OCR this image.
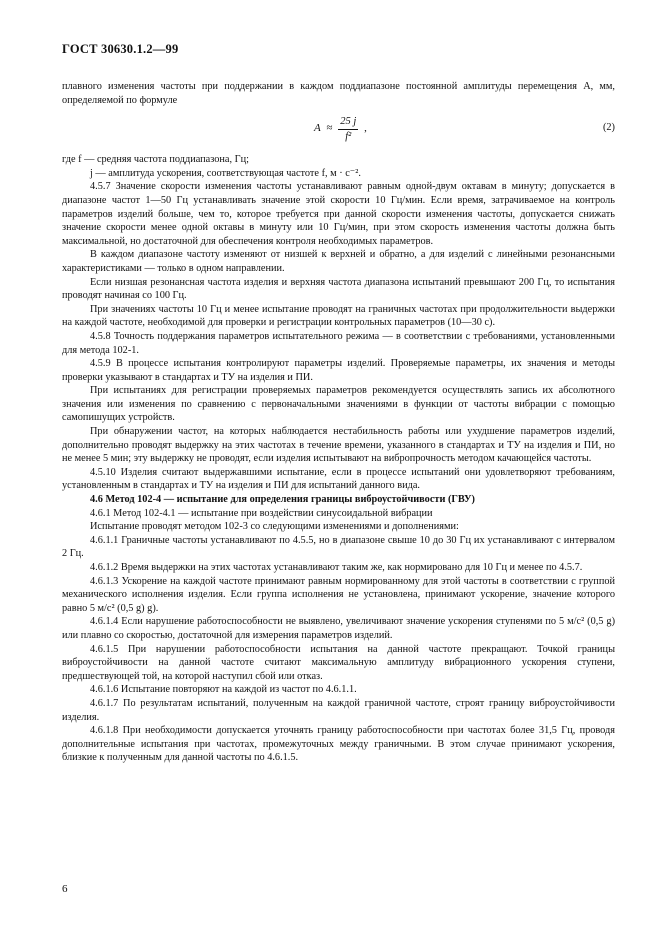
ГОСТ 30630.1.2—99

плавного изменения частоты при поддержании в каждом поддиапазоне постоянной амплитуды перемещения A, мм, определяемой по формуле

$A \approx \frac{25 j}{\text{f²}}$ ,	(2)

где f — средняя частота поддиапазона, Гц;

j — амплитуда ускорения, соответствующая частоте f, м · с⁻².

4.5.7 Значение скорости изменения частоты устанавливают равным одной-двум октавам в минуту; допускается в диапазоне частот 1—50 Гц устанавливать значение этой скорости 10 Гц/мин. Если время, затрачиваемое на контроль параметров изделий больше, чем то, которое требуется при данной скорости изменения частоты, допускается снижать значение скорости менее одной октавы в минуту или 10 Гц/мин, при этом скорость изменения частоты должна быть максимальной, но достаточной для обеспечения контроля необходимых параметров.

В каждом диапазоне частоту изменяют от низшей к верхней и обратно, а для изделий с линейными резонансными характеристиками — только в одном направлении.

Если низшая резонансная частота изделия и верхняя частота диапазона испытаний превышают 200 Гц, то испытания проводят начиная со 100 Гц.

При значениях частоты 10 Гц и менее испытание проводят на граничных частотах при продолжительности выдержки на каждой частоте, необходимой для проверки и регистрации контрольных параметров (10—30 с).

4.5.8 Точность поддержания параметров испытательного режима — в соответствии с требованиями, установленными для метода 102-1.

4.5.9 В процессе испытания контролируют параметры изделий. Проверяемые параметры, их значения и методы проверки указывают в стандартах и ТУ на изделия и ПИ.

При испытаниях для регистрации проверяемых параметров рекомендуется осуществлять запись их абсолютного значения или изменения по сравнению с первоначальными значениями в функции от частоты вибрации с помощью самопишущих устройств.

При обнаружении частот, на которых наблюдается нестабильность работы или ухудшение параметров изделий, дополнительно проводят выдержку на этих частотах в течение времени, указанного в стандартах и ТУ на изделия и ПИ, но не менее 5 мин; эту выдержку не проводят, если изделия испытывают на вибропрочность методом качающейся частоты.

4.5.10 Изделия считают выдержавшими испытание, если в процессе испытаний они удовлетворяют требованиям, установленным в стандартах и ТУ на изделия и ПИ для испытаний данного вида.

4.6 Метод 102-4 — испытание для определения границы виброустойчивости (ГВУ)

4.6.1 Метод 102-4.1 — испытание при воздействии синусоидальной вибрации

Испытание проводят методом 102-3 со следующими изменениями и дополнениями:

4.6.1.1 Граничные частоты устанавливают по 4.5.5, но в диапазоне свыше 10 до 30 Гц их устанавливают с интервалом 2 Гц.

4.6.1.2 Время выдержки на этих частотах устанавливают таким же, как нормировано для 10 Гц и менее по 4.5.7.

4.6.1.3 Ускорение на каждой частоте принимают равным нормированному для этой частоты в соответствии с группой механического исполнения изделия. Если группа исполнения не установлена, принимают ускорение, значение которого равно 5 м/с² (0,5 g) g).

4.6.1.4 Если нарушение работоспособности не выявлено, увеличивают значение ускорения ступенями по 5 м/с² (0,5 g) или плавно со скоростью, достаточной для измерения параметров изделий.

4.6.1.5 При нарушении работоспособности испытания на данной частоте прекращают. Точкой границы виброустойчивости на данной частоте считают максимальную амплитуду вибрационного ускорения ступени, предшествующей той, на которой наступил сбой или отказ.

4.6.1.6 Испытание повторяют на каждой из частот по 4.6.1.1.

4.6.1.7 По результатам испытаний, полученным на каждой граничной частоте, строят границу виброустойчивости изделия.

4.6.1.8 При необходимости допускается уточнять границу работоспособности при частотах более 31,5 Гц, проводя дополнительные испытания при частотах, промежуточных между граничными. В этом случае принимают ускорения, близкие к полученным для данной частоты по 4.6.1.5.

6
